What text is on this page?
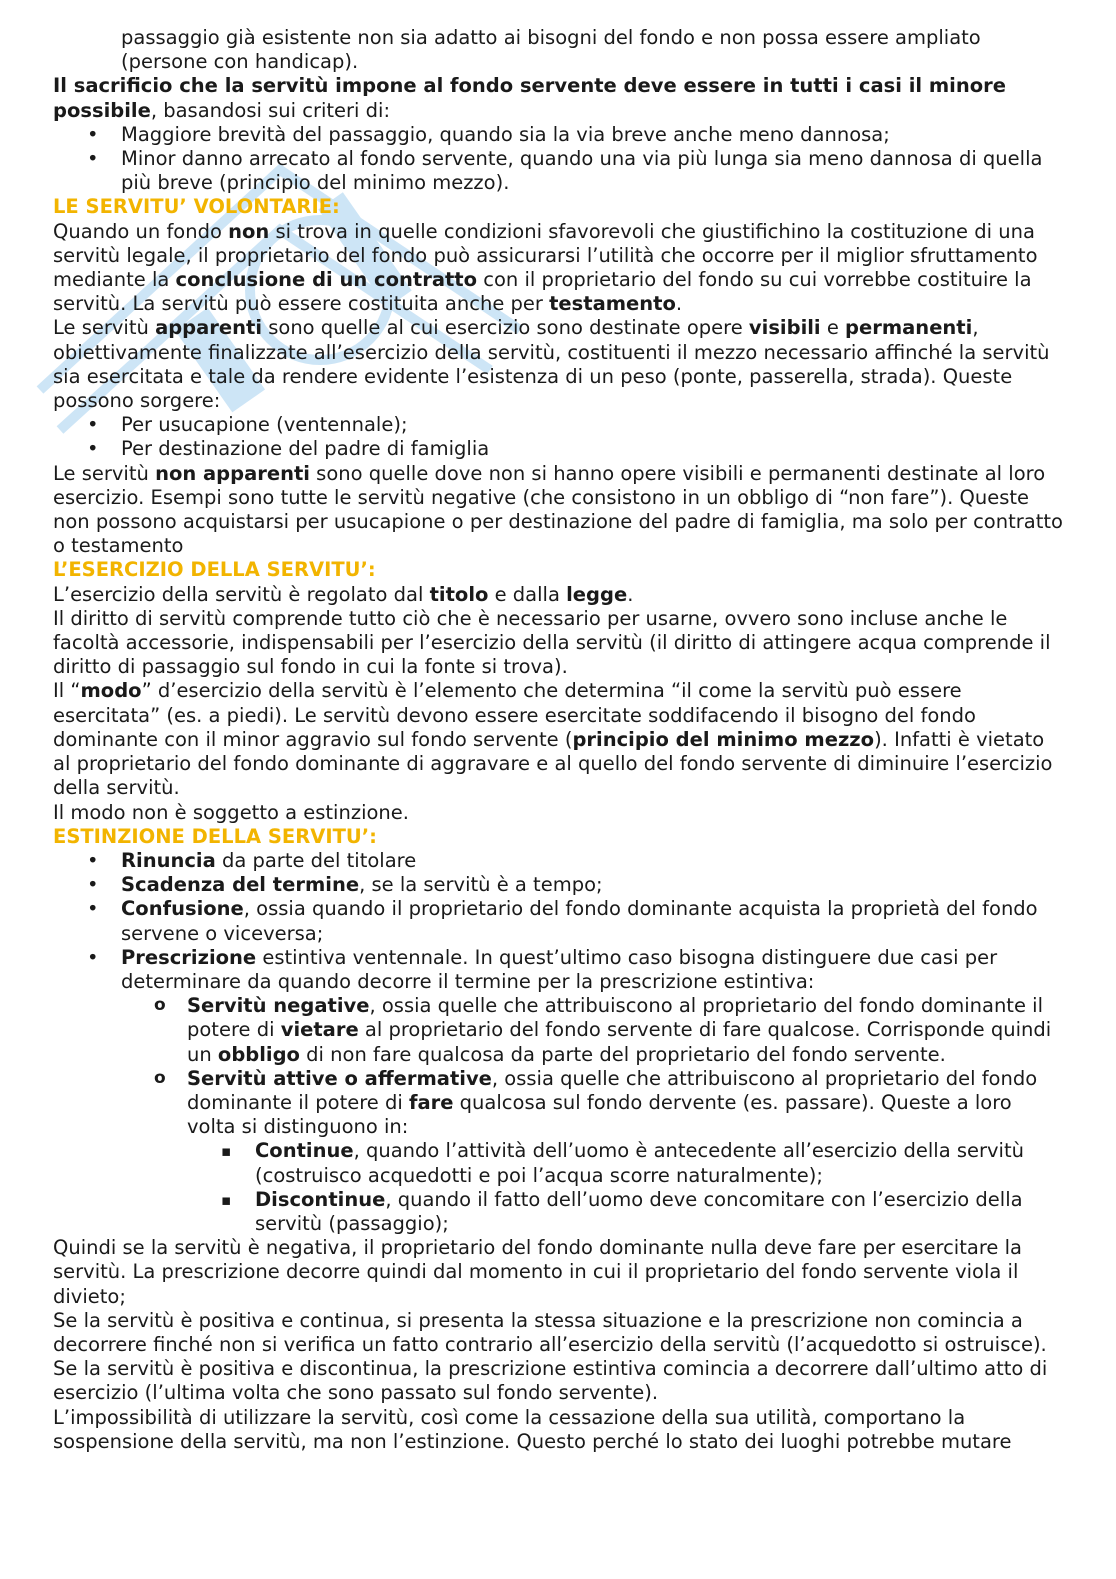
passaggio già esistente non sia adatto ai bisogni del fondo e non possa essere ampliato (persone con handicap).

Il sacrificio che la servitù impone al fondo servente deve essere in tutti i casi il minore possibile, basandosi sui criteri di:

• Maggiore brevità del passaggio, quando sia la via breve anche meno dannosa;
• Minor danno arrecato al fondo servente, quando una via più lunga sia meno dannosa di quella più breve (principio del minimo mezzo).

LE SERVITU’ VOLONTARIE:

Quando un fondo non si trova in quelle condizioni sfavorevoli che giustifichino la costituzione di una servitù legale, il proprietario del fondo può assicurarsi l’utilità che occorre per il miglior sfruttamento mediante la conclusione di un contratto con il proprietario del fondo su cui vorrebbe costituire la servitù. La servitù può essere costituita anche per testamento.

Le servitù apparenti sono quelle al cui esercizio sono destinate opere visibili e permanenti, obiettivamente finalizzate all’esercizio della servitù, costituenti il mezzo necessario affinché la servitù sia esercitata e tale da rendere evidente l’esistenza di un peso (ponte, passerella, strada). Queste possono sorgere:

• Per usucapione (ventennale);
• Per destinazione del padre di famiglia

Le servitù non apparenti sono quelle dove non si hanno opere visibili e permanenti destinate al loro esercizio. Esempi sono tutte le servitù negative (che consistono in un obbligo di “non fare”). Queste non possono acquistarsi per usucapione o per destinazione del padre di famiglia, ma solo per contratto o testamento

L’ESERCIZIO DELLA SERVITU’:

L’esercizio della servitù è regolato dal titolo e dalla legge.

Il diritto di servitù comprende tutto ciò che è necessario per usarne, ovvero sono incluse anche le facoltà accessorie, indispensabili per l’esercizio della servitù (il diritto di attingere acqua comprende il diritto di passaggio sul fondo in cui la fonte si trova).

Il “modo” d’esercizio della servitù è l’elemento che determina “il come la servitù può essere esercitata” (es. a piedi). Le servitù devono essere esercitate soddifacendo il bisogno del fondo dominante con il minor aggravio sul fondo servente (principio del minimo mezzo). Infatti è vietato al proprietario del fondo dominante di aggravare e al quello del fondo servente di diminuire l’esercizio della servitù.

Il modo non è soggetto a estinzione.

ESTINZIONE DELLA SERVITU’:

• Rinuncia da parte del titolare
• Scadenza del termine, se la servitù è a tempo;
• Confusione, ossia quando il proprietario del fondo dominante acquista la proprietà del fondo servene o viceversa;
• Prescrizione estintiva ventennale. In quest’ultimo caso bisogna distinguere due casi per determinare da quando decorre il termine per la prescrizione estintiva:
o Servitù negative, ossia quelle che attribuiscono al proprietario del fondo dominante il potere di vietare al proprietario del fondo servente di fare qualcose. Corrisponde quindi un obbligo di non fare qualcosa da parte del proprietario del fondo servente.
o Servitù attive o affermative, ossia quelle che attribuiscono al proprietario del fondo dominante il potere di fare qualcosa sul fondo dervente (es. passare). Queste a loro volta si distinguono in:
▪ Continue, quando l’attività dell’uomo è antecedente all’esercizio della servitù (costruisco acquedotti e poi l’acqua scorre naturalmente);
▪ Discontinue, quando il fatto dell’uomo deve concomitare con l’esercizio della servitù (passaggio);

Quindi se la servitù è negativa, il proprietario del fondo dominante nulla deve fare per esercitare la servitù. La prescrizione decorre quindi dal momento in cui il proprietario del fondo servente viola il divieto;

Se la servitù è positiva e continua, si presenta la stessa situazione e la prescrizione non comincia a decorrere finché non si verifica un fatto contrario all’esercizio della servitù (l’acquedotto si ostruisce).

Se la servitù è positiva e discontinua, la prescrizione estintiva comincia a decorrere dall’ultimo atto di esercizio (l’ultima volta che sono passato sul fondo servente).

L’impossibilità di utilizzare la servitù, così come la cessazione della sua utilità, comportano la sospensione della servitù, ma non l’estinzione. Questo perché lo stato dei luoghi potrebbe mutare
